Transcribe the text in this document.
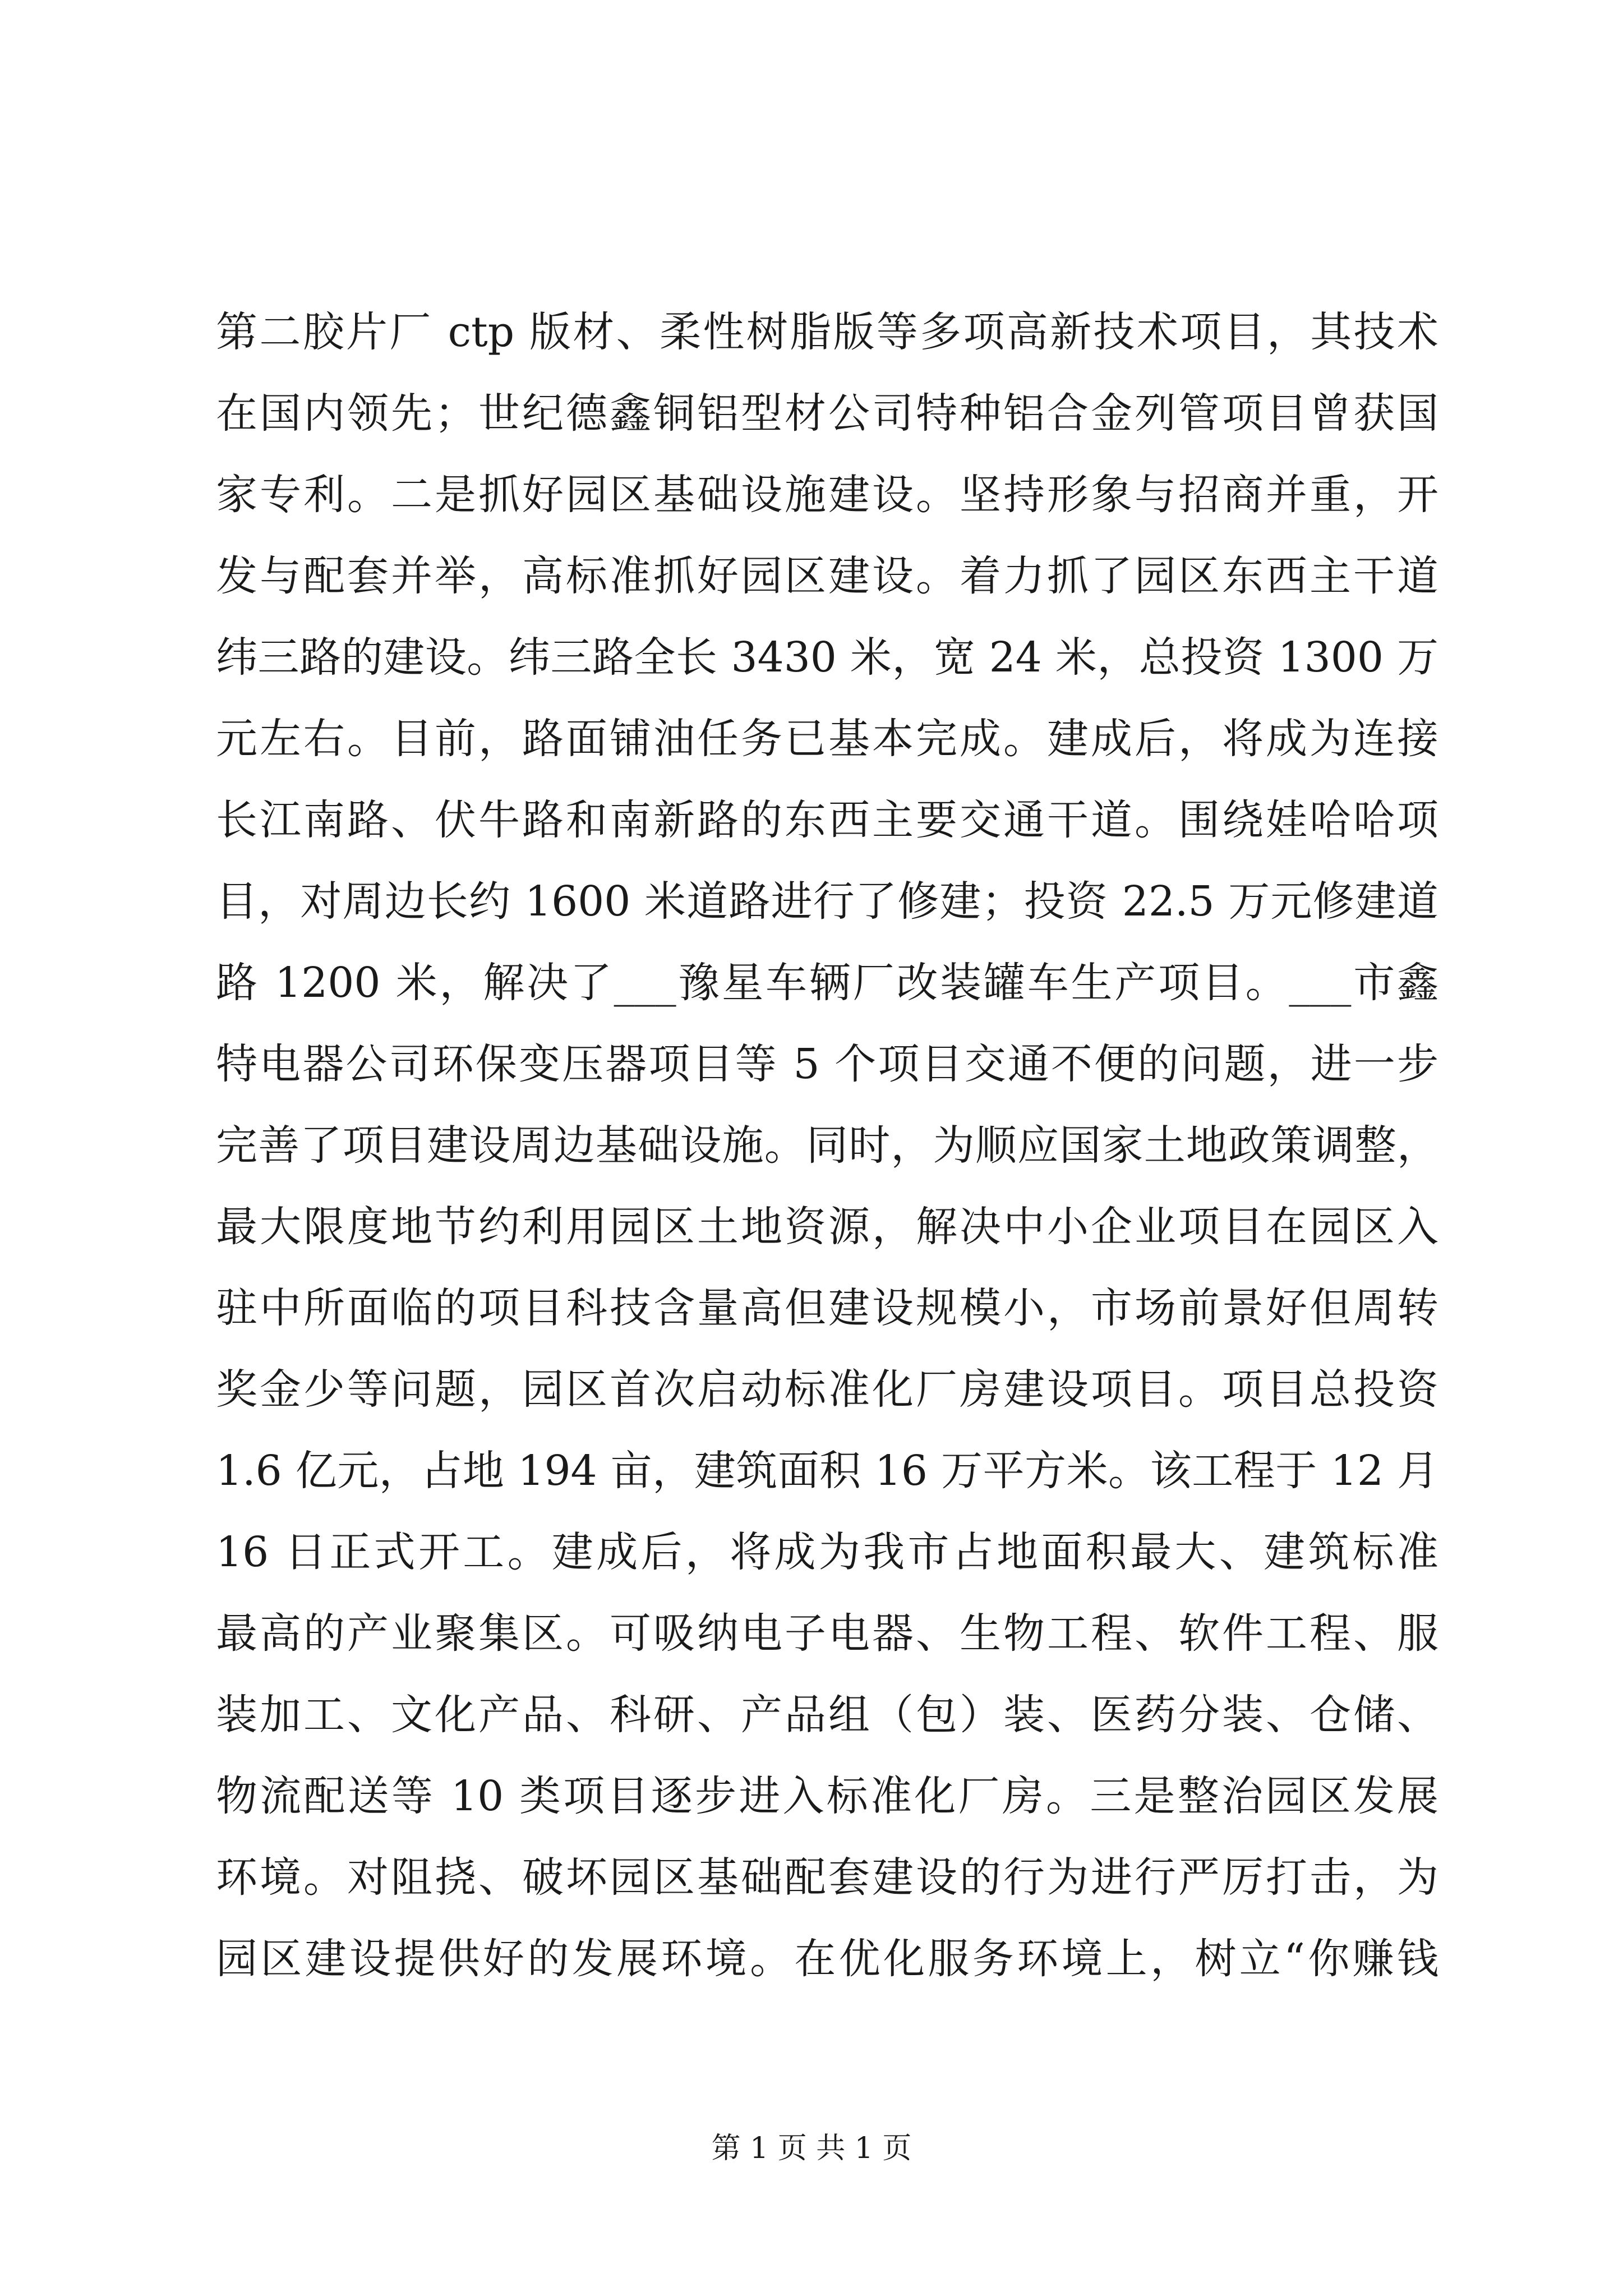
第二胶片厂 ctp 版材、柔性树脂版等多项高新技术项目，其技术
在国内领先；世纪德鑫铜铝型材公司特种铝合金列管项目曾获国
家专利。二是抓好园区基础设施建设。坚持形象与招商并重，开
发与配套并举，高标准抓好园区建设。着力抓了园区东西主干道
纬三路的建设。纬三路全长 3430 米，宽 24 米，总投资 1300 万
元左右。目前，路面铺油任务已基本完成。建成后，将成为连接
长江南路、伏牛路和南新路的东西主要交通干道。围绕娃哈哈项
目，对周边长约 1600 米道路进行了修建；投资 22.5 万元修建道
路 1200 米，解决了___豫星车辆厂改装罐车生产项目。___市鑫
特电器公司环保变压器项目等 5 个项目交通不便的问题，进一步
完善了项目建设周边基础设施。同时，为顺应国家土地政策调整，
最大限度地节约利用园区土地资源，解决中小企业项目在园区入
驻中所面临的项目科技含量高但建设规模小，市场前景好但周转
奖金少等问题，园区首次启动标准化厂房建设项目。项目总投资
1.6 亿元，占地 194 亩，建筑面积 16 万平方米。该工程于 12 月
16 日正式开工。建成后，将成为我市占地面积最大、建筑标准
最高的产业聚集区。可吸纳电子电器、生物工程、软件工程、服
装加工、文化产品、科研、产品组（包）装、医药分装、仓储、
物流配送等 10 类项目逐步进入标准化厂房。三是整治园区发展
环境。对阻挠、破坏园区基础配套建设的行为进行严厉打击，为
园区建设提供好的发展环境。在优化服务环境上，树立“你赚钱
第 1 页 共 1 页
